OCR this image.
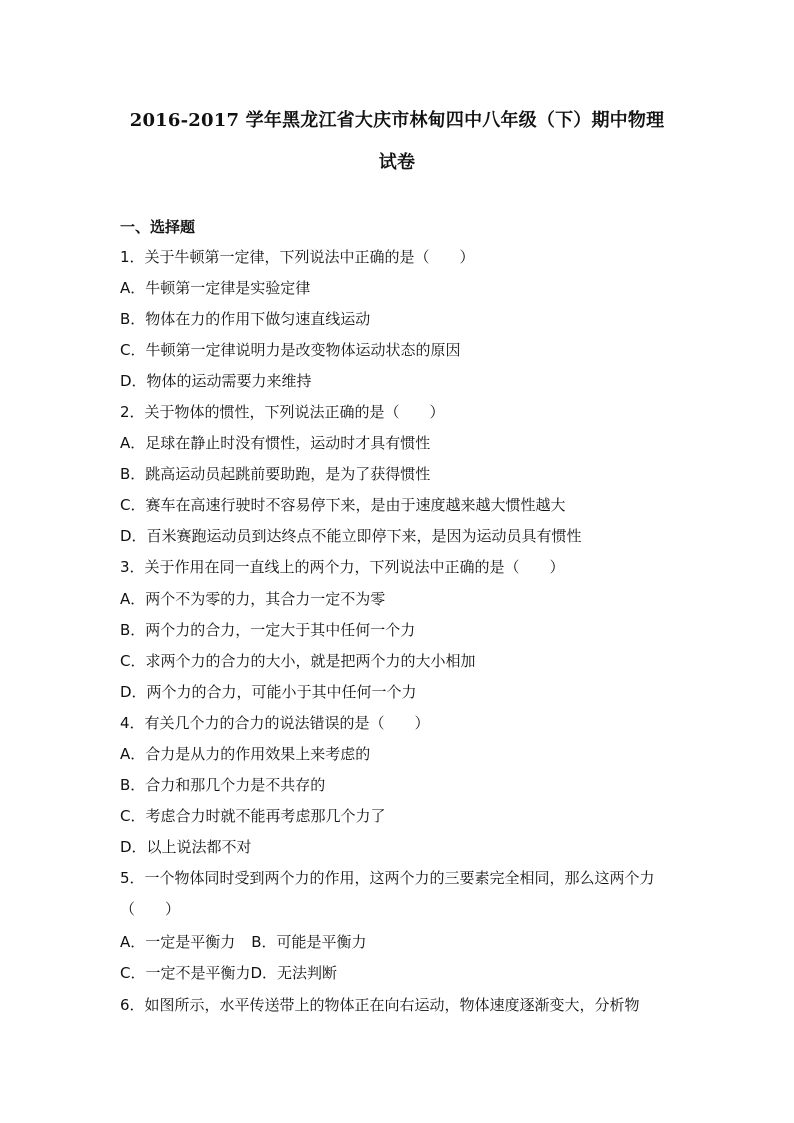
2016-2017 学年黑龙江省大庆市林甸四中八年级（下）期中物理
试卷
一、选择题
1．关于牛顿第一定律，下列说法中正确的是（　　）
A．牛顿第一定律是实验定律
B．物体在力的作用下做匀速直线运动
C．牛顿第一定律说明力是改变物体运动状态的原因
D．物体的运动需要力来维持
2．关于物体的惯性，下列说法正确的是（　　）
A．足球在静止时没有惯性，运动时才具有惯性
B．跳高运动员起跳前要助跑，是为了获得惯性
C．赛车在高速行驶时不容易停下来，是由于速度越来越大惯性越大
D．百米赛跑运动员到达终点不能立即停下来，是因为运动员具有惯性
3．关于作用在同一直线上的两个力，下列说法中正确的是（　　）
A．两个不为零的力，其合力一定不为零
B．两个力的合力，一定大于其中任何一个力
C．求两个力的合力的大小，就是把两个力的大小相加
D．两个力的合力，可能小于其中任何一个力
4．有关几个力的合力的说法错误的是（　　）
A．合力是从力的作用效果上来考虑的
B．合力和那几个力是不共存的
C．考虑合力时就不能再考虑那几个力了
D．以上说法都不对
5．一个物体同时受到两个力的作用，这两个力的三要素完全相同，那么这两个力（　　）
A．一定是平衡力 B．可能是平衡力
C．一定不是平衡力D．无法判断
6．如图所示，水平传送带上的物体正在向右运动，物体速度逐渐变大，分析物
